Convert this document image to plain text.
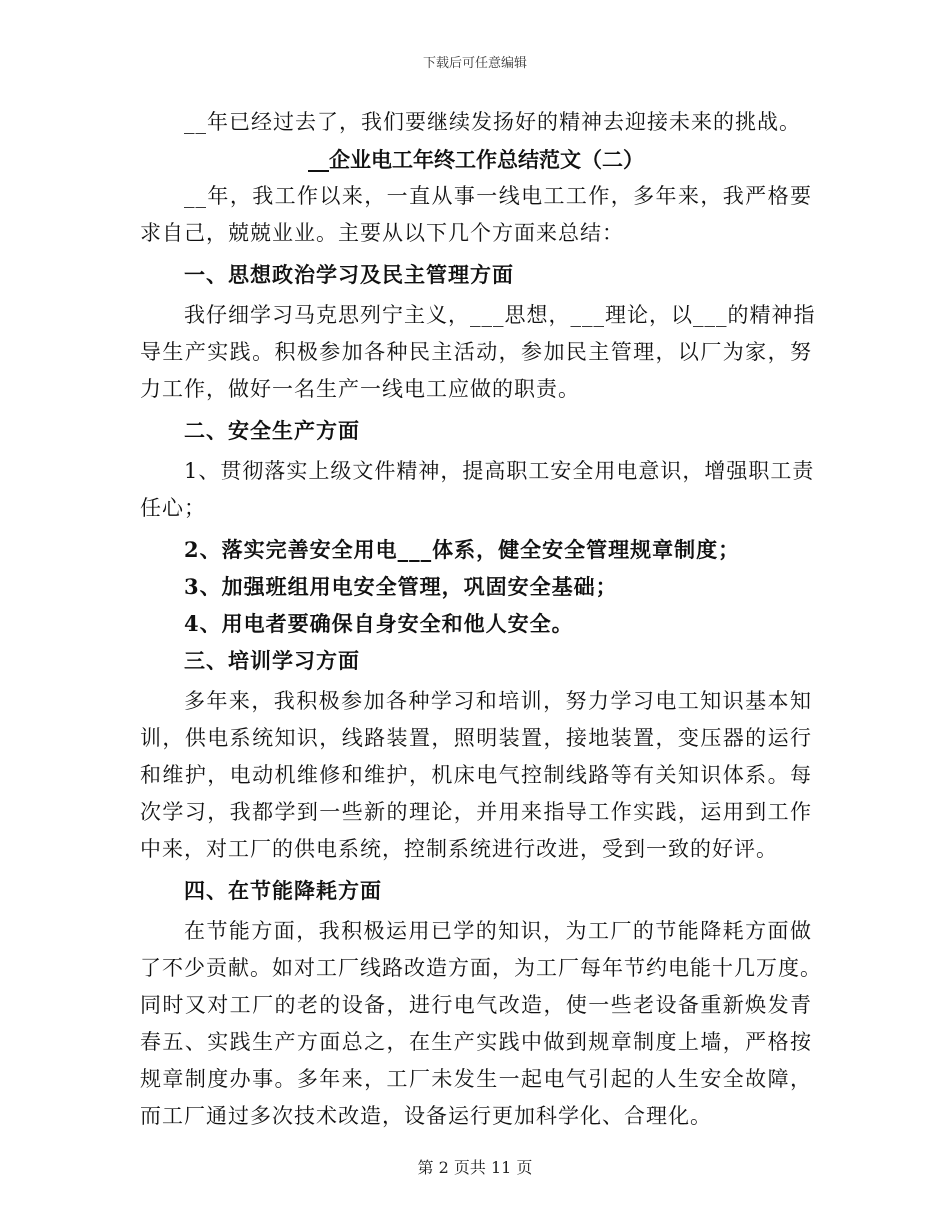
下载后可任意编辑

__年已经过去了，我们要继续发扬好的精神去迎接未来的挑战。

__企业电工年终工作总结范文（二）

__年，我工作以来，一直从事一线电工工作，多年来，我严格要

求自己，兢兢业业。主要从以下几个方面来总结：

一、思想政治学习及民主管理方面

我仔细学习马克思列宁主义，___思想，___理论，以___的精神指

导生产实践。积极参加各种民主活动，参加民主管理，以厂为家，努

力工作，做好一名生产一线电工应做的职责。

二、安全生产方面

1、贯彻落实上级文件精神，提高职工安全用电意识，增强职工责

任心；

2、落实完善安全用电___体系，健全安全管理规章制度；

3、加强班组用电安全管理，巩固安全基础；

4、用电者要确保自身安全和他人安全。

三、培训学习方面

多年来，我积极参加各种学习和培训，努力学习电工知识基本知

训，供电系统知识，线路装置，照明装置，接地装置，变压器的运行

和维护，电动机维修和维护，机床电气控制线路等有关知识体系。每

次学习，我都学到一些新的理论，并用来指导工作实践，运用到工作

中来，对工厂的供电系统，控制系统进行改进，受到一致的好评。

四、在节能降耗方面

在节能方面，我积极运用已学的知识，为工厂的节能降耗方面做

了不少贡献。如对工厂线路改造方面，为工厂每年节约电能十几万度。

同时又对工厂的老的设备，进行电气改造，使一些老设备重新焕发青

春五、实践生产方面总之，在生产实践中做到规章制度上墙，严格按

规章制度办事。多年来，工厂未发生一起电气引起的人生安全故障，

而工厂通过多次技术改造，设备运行更加科学化、合理化。

第 2 页共 11 页
